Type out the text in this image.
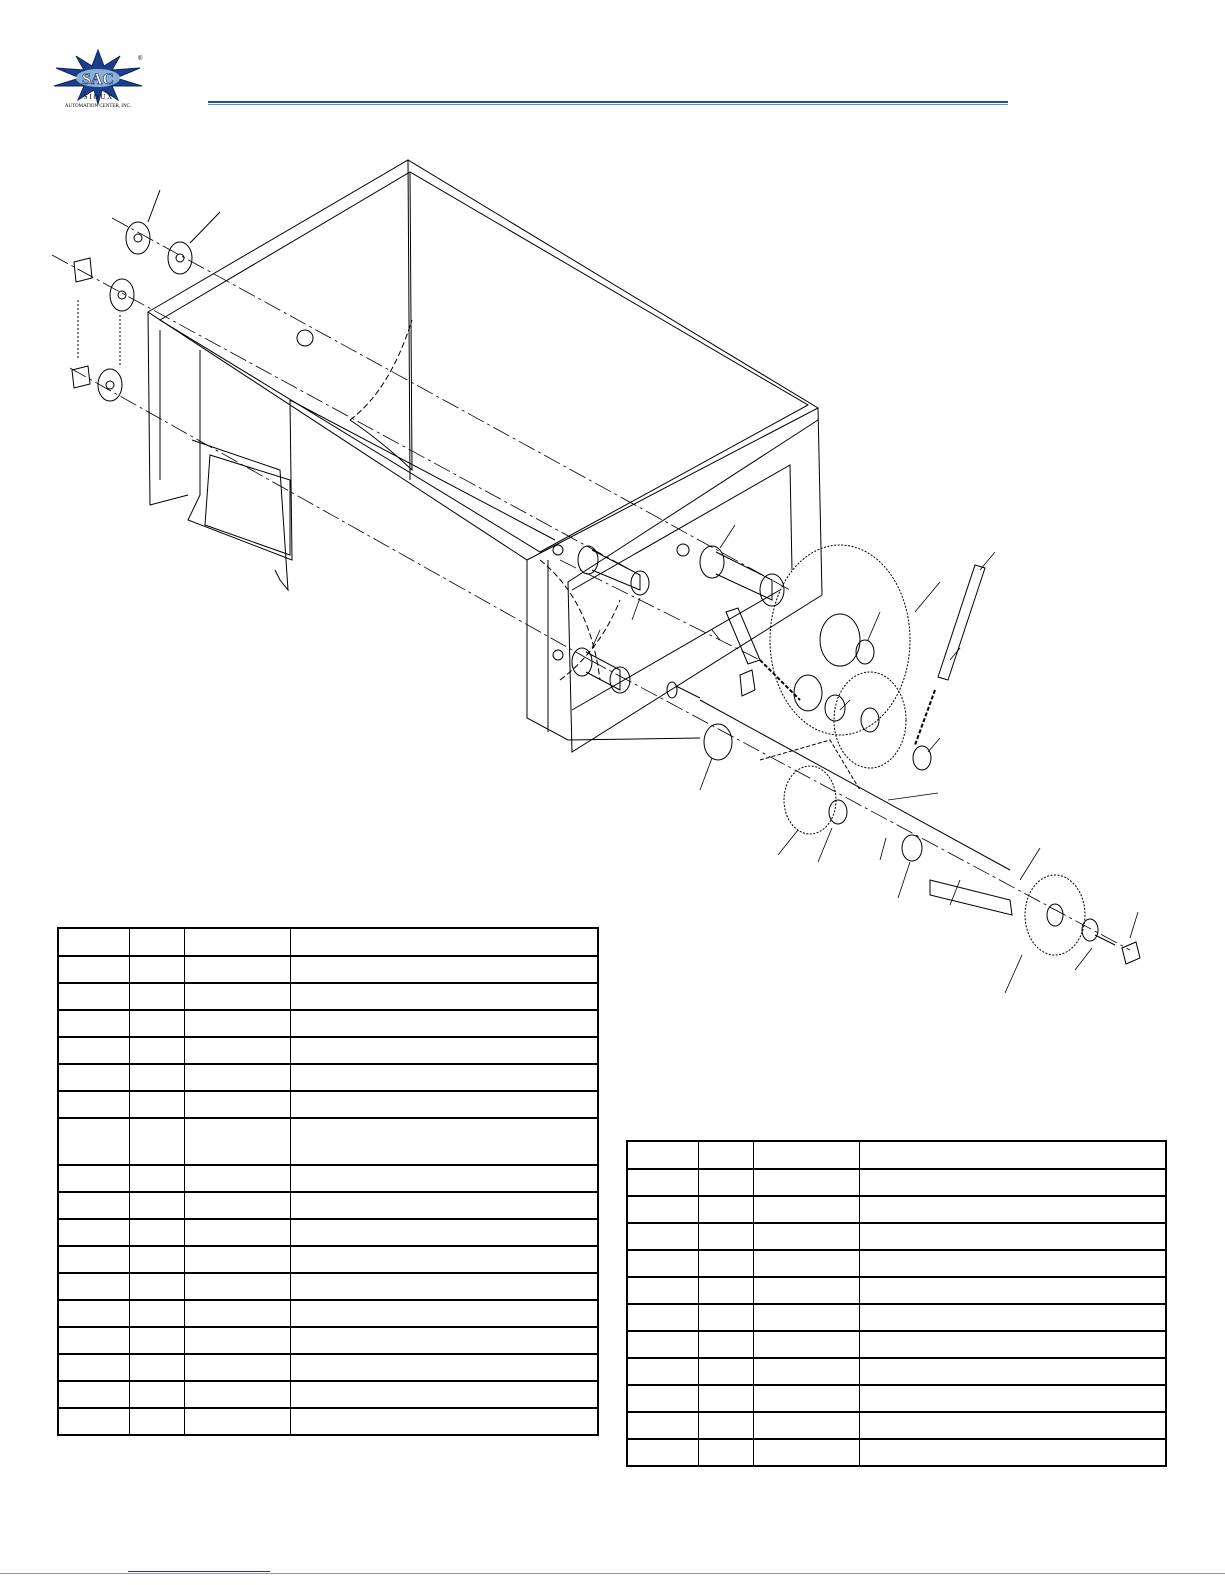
SAC
®
S I O U X
AUTOMATION CENTER, INC.
